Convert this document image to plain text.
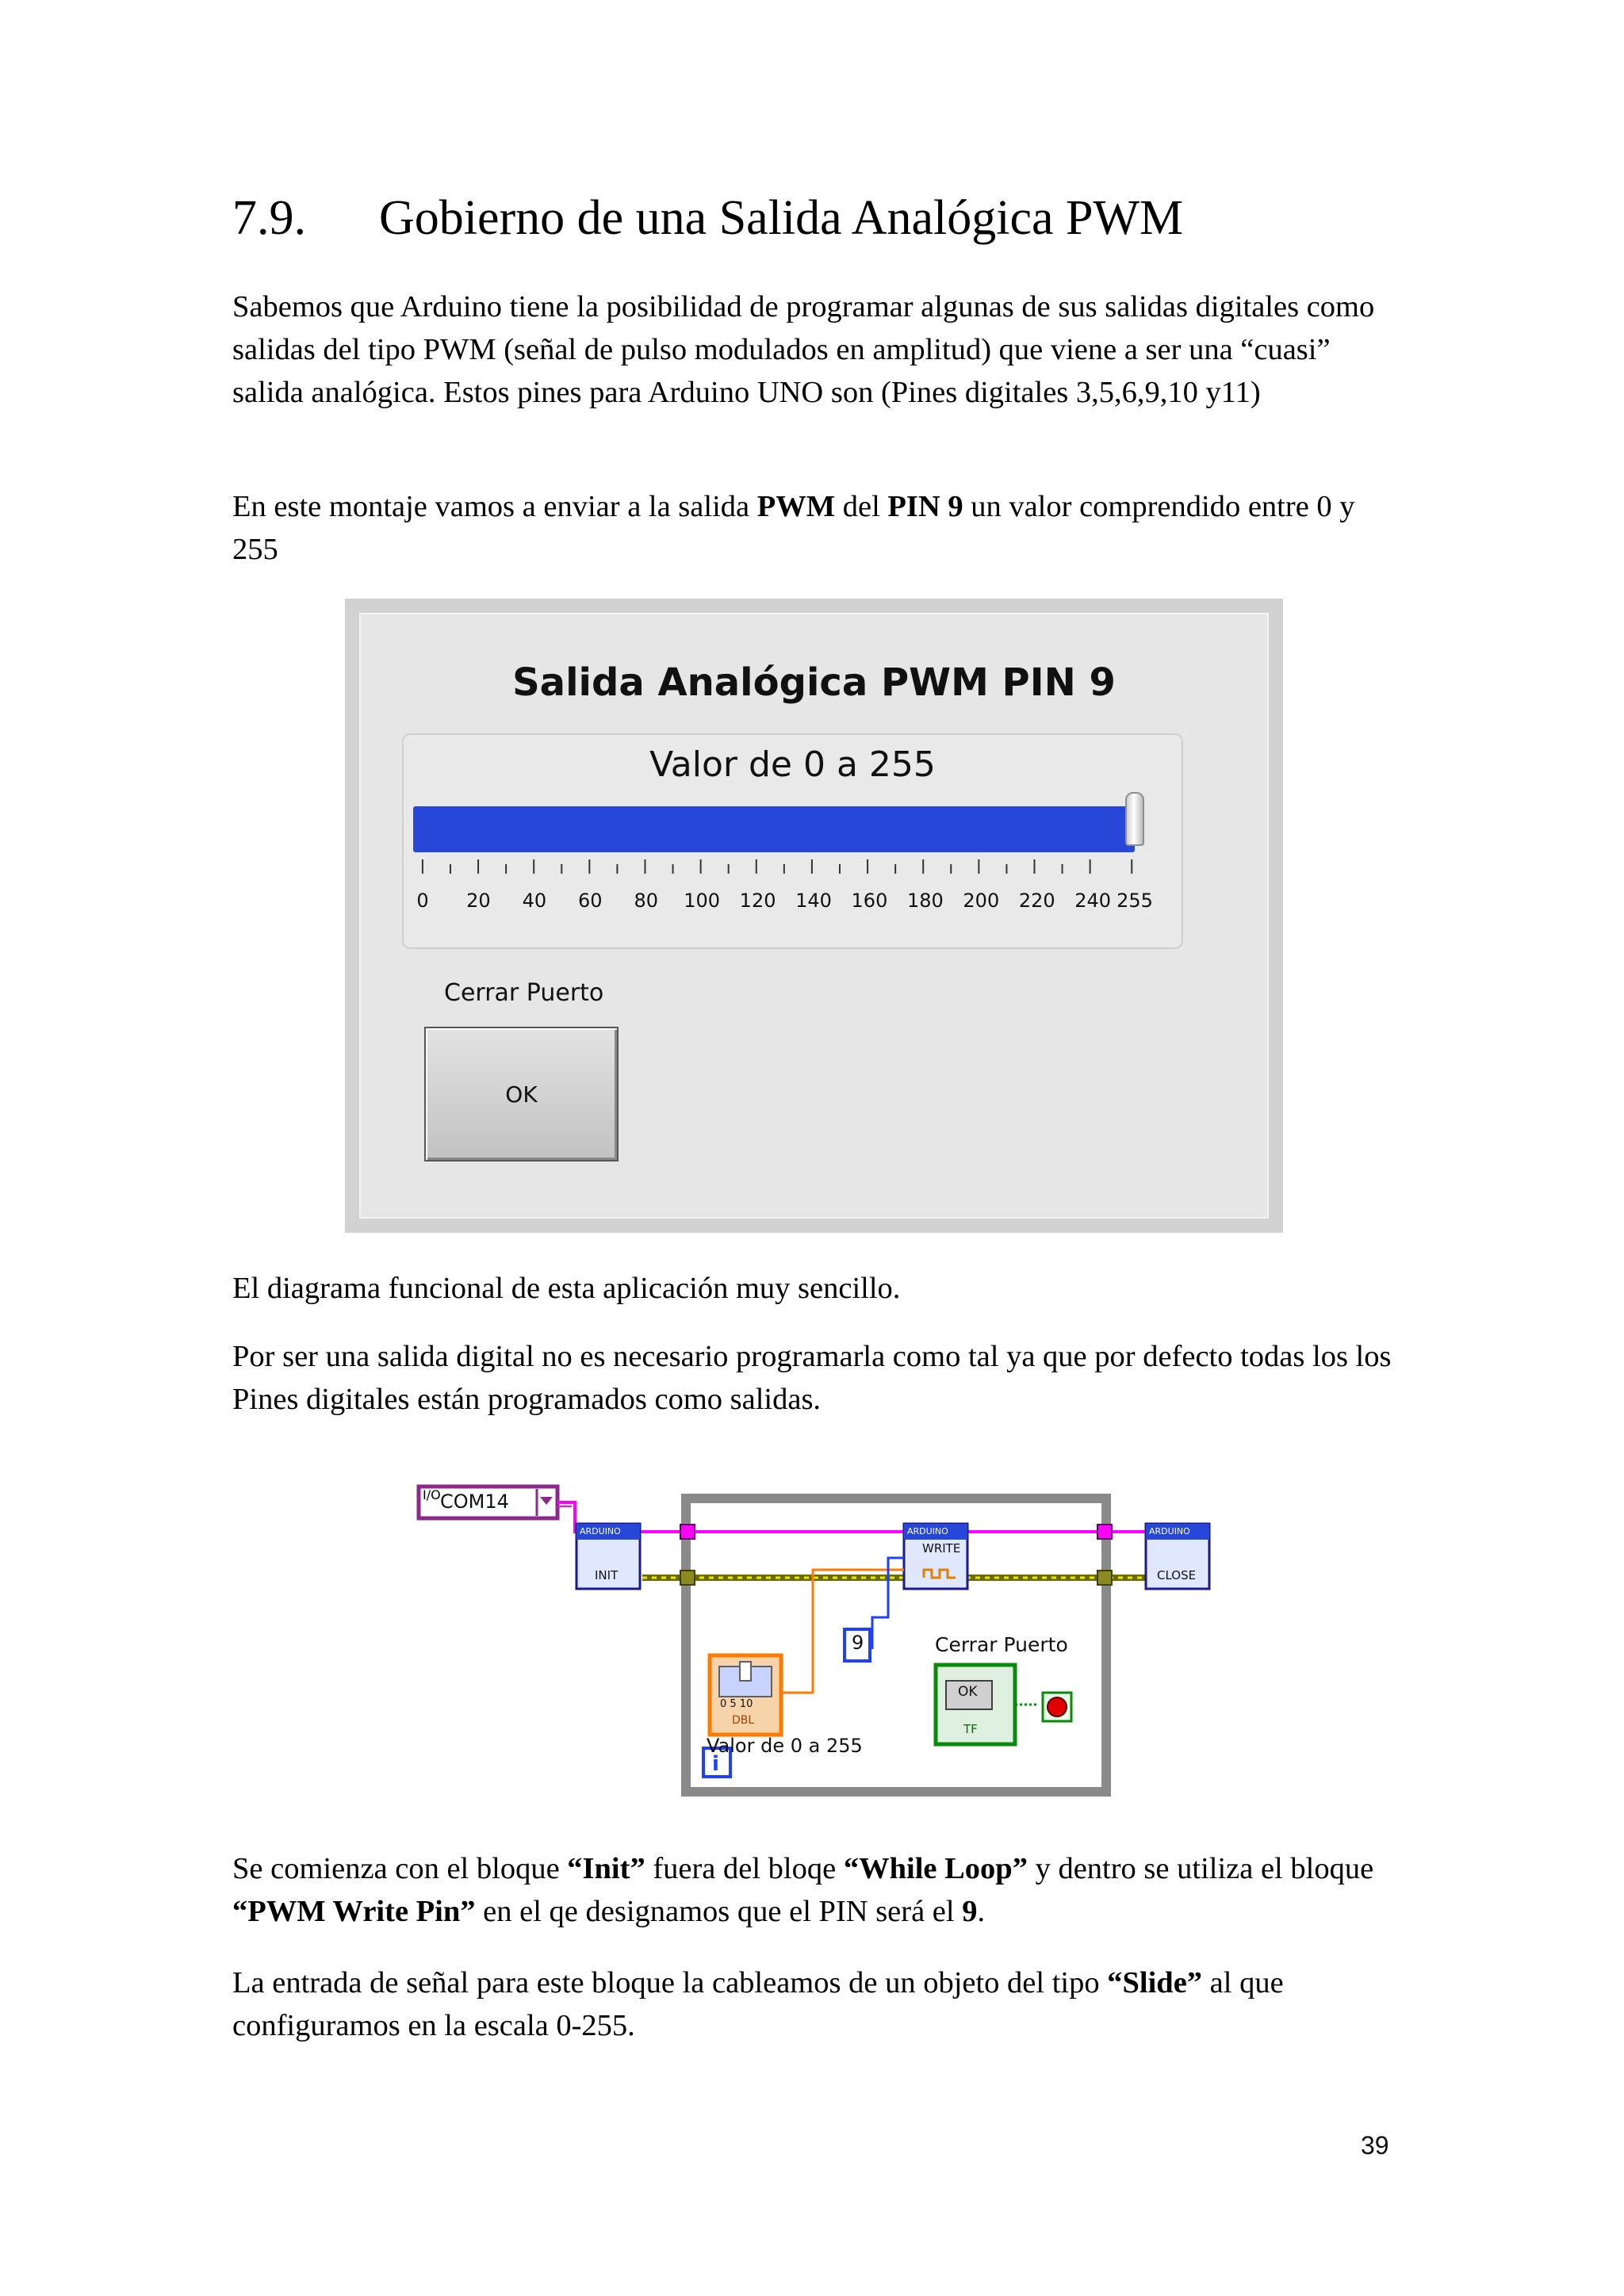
7.9. Gobierno de una Salida Analógica PWM

Sabemos que Arduino tiene la posibilidad de programar algunas de sus salidas digitales como salidas del tipo PWM (señal de pulso modulados en amplitud) que viene a ser una “cuasi” salida analógica. Estos pines para Arduino UNO son (Pines digitales 3,5,6,9,10 y11)

En este montaje vamos a enviar a la salida PWM del PIN 9 un valor comprendido entre 0 y 255

Salida Analógica PWM PIN 9
Valor de 0 a 255
0 20 40 60 80 100 120 140 160 180 200 220 240 255
Cerrar Puerto
OK

El diagrama funcional de esta aplicación muy sencillo.

Por ser una salida digital no es necesario programarla como tal ya que por defecto todas los los Pines digitales están programados como salidas.

COM14
I/O
ARDUINO
INIT
ARDUINO
WRITE
ARDUINO
CLOSE
9	Cerrar Puerto
OK
TF
0 5 10
DBL
Valor de 0 a 255
i

Se comienza con el bloque “Init” fuera del bloqe “While Loop” y dentro se utiliza el bloque “PWM Write Pin” en el qe designamos que el PIN será el 9.

La entrada de señal para este bloque la cableamos de un objeto del tipo “Slide” al que configuramos en la escala 0-255.

39
